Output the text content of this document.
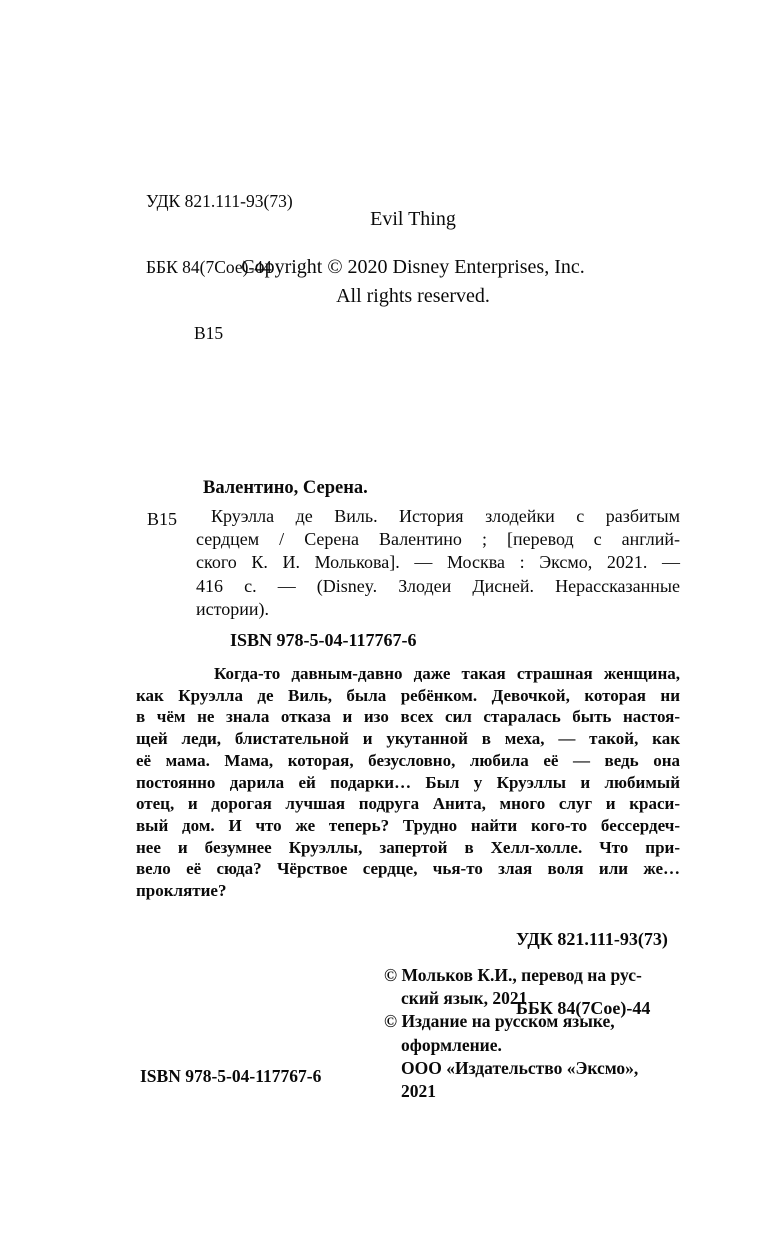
УДК 821.111-93(73)

ББК 84(7Сое)-44

В15

Evil Thing
Copyright © 2020 Disney Enterprises, Inc.
All rights reserved.
Валентино, Серена.
В15	Круэлла де Виль. История злодейки с разбитым
сердцем / Серена Валентино ; [перевод с англий-
ского К. И. Молькова]. — Москва : Эксмо, 2021. —
416 с. — (Disney. Злодеи Дисней. Нерассказанные
истории).
ISBN 978-5-04-117767-6
Когда-то давным-давно даже такая страшная женщина,
как Круэлла де Виль, была ребёнком. Девочкой, которая ни
в чём не знала отказа и изо всех сил старалась быть настоя-
щей леди, блистательной и укутанной в меха, — такой, как
её мама. Мама, которая, безусловно, любила её — ведь она
постоянно дарила ей подарки… Был у Круэллы и любимый
отец, и дорогая лучшая подруга Анита, много слуг и краси-
вый дом. И что же теперь? Трудно найти кого-то бессердеч-
нее и безумнее Круэллы, запертой в Хелл-холле. Что при-
вело её сюда? Чёрствое сердце, чья-то злая воля или же…
проклятие?

УДК 821.111-93(73)

ББК 84(7Сое)-44

© Мольков К.И., перевод на рус-
ский язык, 2021
© Издание на русском языке,
оформление.
ООО «Издательство «Эксмо»,
2021
ISBN 978-5-04-117767-6
